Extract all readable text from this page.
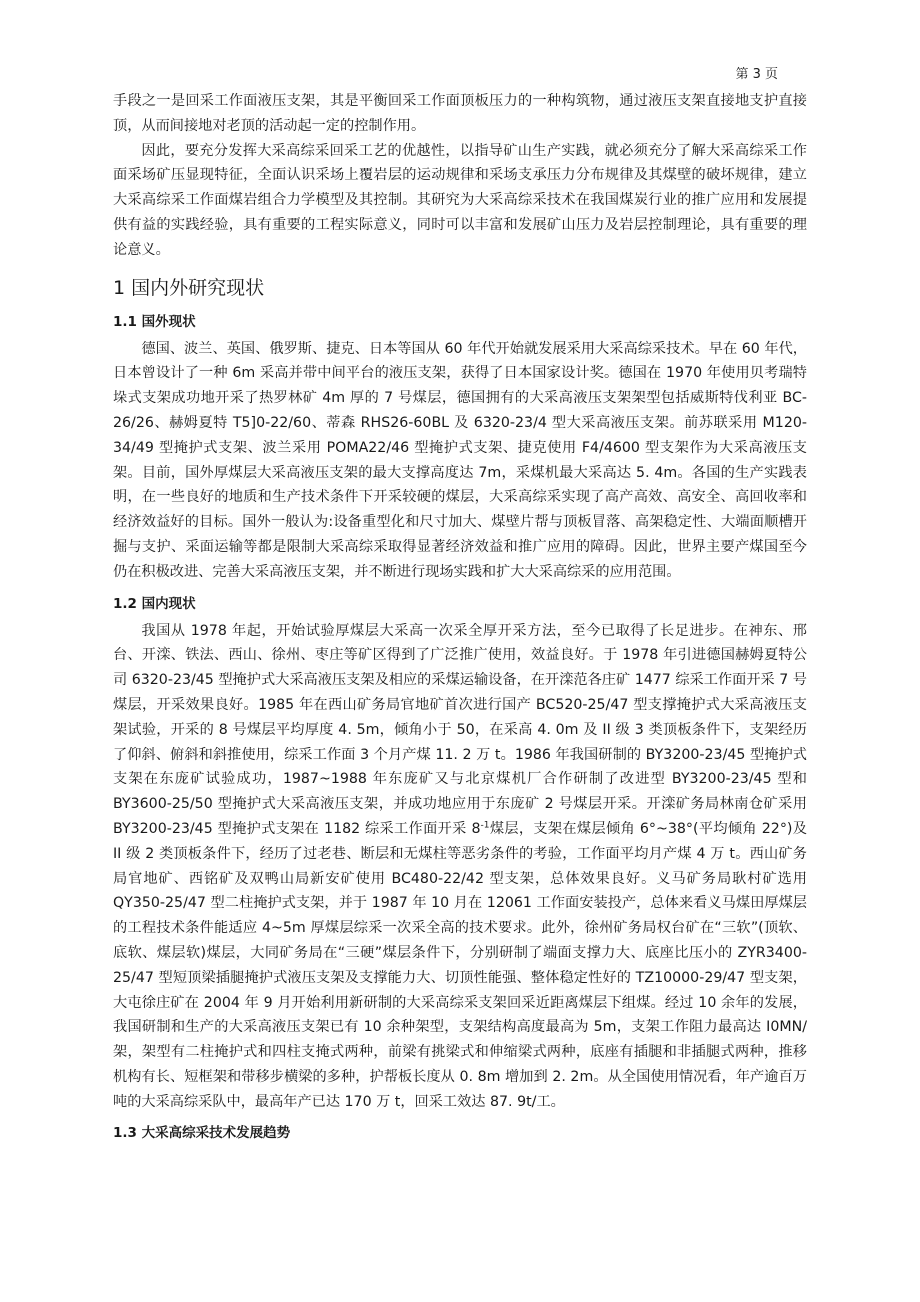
第 3 页

手段之一是回采工作面液压支架，其是平衡回采工作面顶板压力的一种构筑物，通过液压支架直接地支护直接顶，从而间接地对老顶的活动起一定的控制作用。

因此，要充分发挥大采高综采回采工艺的优越性，以指导矿山生产实践，就必须充分了解大采高综采工作面采场矿压显现特征，全面认识采场上覆岩层的运动规律和采场支承压力分布规律及其煤壁的破坏规律，建立大采高综采工作面煤岩组合力学模型及其控制。其研究为大采高综采技术在我国煤炭行业的推广应用和发展提供有益的实践经验，具有重要的工程实际意义，同时可以丰富和发展矿山压力及岩层控制理论，具有重要的理论意义。

1 国内外研究现状
1.1 国外现状

德国、波兰、英国、俄罗斯、捷克、日本等国从 60 年代开始就发展采用大采高综采技术。早在 60 年代，日本曾设计了一种 6m 采高并带中间平台的液压支架，获得了日本国家设计奖。德国在 1970 年使用贝考瑞特垛式支架成功地开采了热罗林矿 4m 厚的 7 号煤层，德国拥有的大采高液压支架架型包括威斯特伐利亚 BC-26/26、赫姆夏特 T5]0-22/60、蒂森 RHS26-60BL 及 6320-23/4 型大采高液压支架。前苏联采用 M120-34/49 型掩护式支架、波兰采用 POMA22/46 型掩护式支架、捷克使用 F4/4600 型支架作为大采高液压支架。目前，国外厚煤层大采高液压支架的最大支撑高度达 7m，采煤机最大采高达 5. 4m。各国的生产实践表明，在一些良好的地质和生产技术条件下开采较硬的煤层，大采高综采实现了高产高效、高安全、高回收率和经济效益好的目标。国外一般认为:设备重型化和尺寸加大、煤壁片帮与顶板冒落、高架稳定性、大端面顺槽开掘与支护、采面运输等都是限制大采高综采取得显著经济效益和推广应用的障碍。因此，世界主要产煤国至今仍在积极改进、完善大采高液压支架，并不断进行现场实践和扩大大采高综采的应用范围。

1.2 国内现状

我国从 1978 年起，开始试验厚煤层大采高一次采全厚开采方法，至今已取得了长足进步。在神东、邢台、开滦、铁法、西山、徐州、枣庄等矿区得到了广泛推广使用，效益良好。于 1978 年引进德国赫姆夏特公司 6320-23/45 型掩护式大采高液压支架及相应的采煤运输设备，在开滦范各庄矿 1477 综采工作面开采 7 号煤层，开采效果良好。1985 年在西山矿务局官地矿首次进行国产 BC520-25/47 型支撑掩护式大采高液压支架试验，开采的 8 号煤层平均厚度 4. 5m，倾角小于 50，在采高 4. 0m 及 II 级 3 类顶板条件下，支架经历了仰斜、俯斜和斜推使用，综采工作面 3 个月产煤 11. 2 万 t。1986 年我国研制的 BY3200-23/45 型掩护式支架在东庞矿试验成功，1987~1988 年东庞矿又与北京煤机厂合作研制了改进型 BY3200-23/45 型和 BY3600-25/50 型掩护式大采高液压支架，并成功地应用于东庞矿 2 号煤层开采。开滦矿务局林南仓矿采用 BY3200-23/45 型掩护式支架在 1182 综采工作面开采 $8^{-1}$煤层，支架在煤层倾角 6°~38°(平均倾角 22°)及 II 级 2 类顶板条件下，经历了过老巷、断层和无煤柱等恶劣条件的考验，工作面平均月产煤 4 万 t。西山矿务局官地矿、西铭矿及双鸭山局新安矿使用 BC480-22/42 型支架，总体效果良好。义马矿务局耿村矿选用 QY350-25/47 型二柱掩护式支架，并于 1987 年 10 月在 12061 工作面安装投产，总体来看义马煤田厚煤层的工程技术条件能适应 4~5m 厚煤层综采一次采全高的技术要求。此外，徐州矿务局权台矿在“三软”(顶软、底软、煤层软)煤层，大同矿务局在“三硬”煤层条件下，分别研制了端面支撑力大、底座比压小的 ZYR3400-25/47 型短顶梁插腿掩护式液压支架及支撑能力大、切顶性能强、整体稳定性好的 TZ10000-29/47 型支架，大屯徐庄矿在 2004 年 9 月开始利用新研制的大采高综采支架回采近距离煤层下组煤。经过 10 余年的发展，我国研制和生产的大采高液压支架已有 10 余种架型，支架结构高度最高为 5m，支架工作阻力最高达 I0MN/架，架型有二柱掩护式和四柱支掩式两种，前梁有挑梁式和伸缩梁式两种，底座有插腿和非插腿式两种，推移机构有长、短框架和带移步横梁的多种，护帮板长度从 0. 8m 增加到 2. 2m。从全国使用情况看，年产逾百万吨的大采高综采队中，最高年产已达 170 万 t，回采工效达 87. 9t/工。

1.3 大采高综采技术发展趋势
